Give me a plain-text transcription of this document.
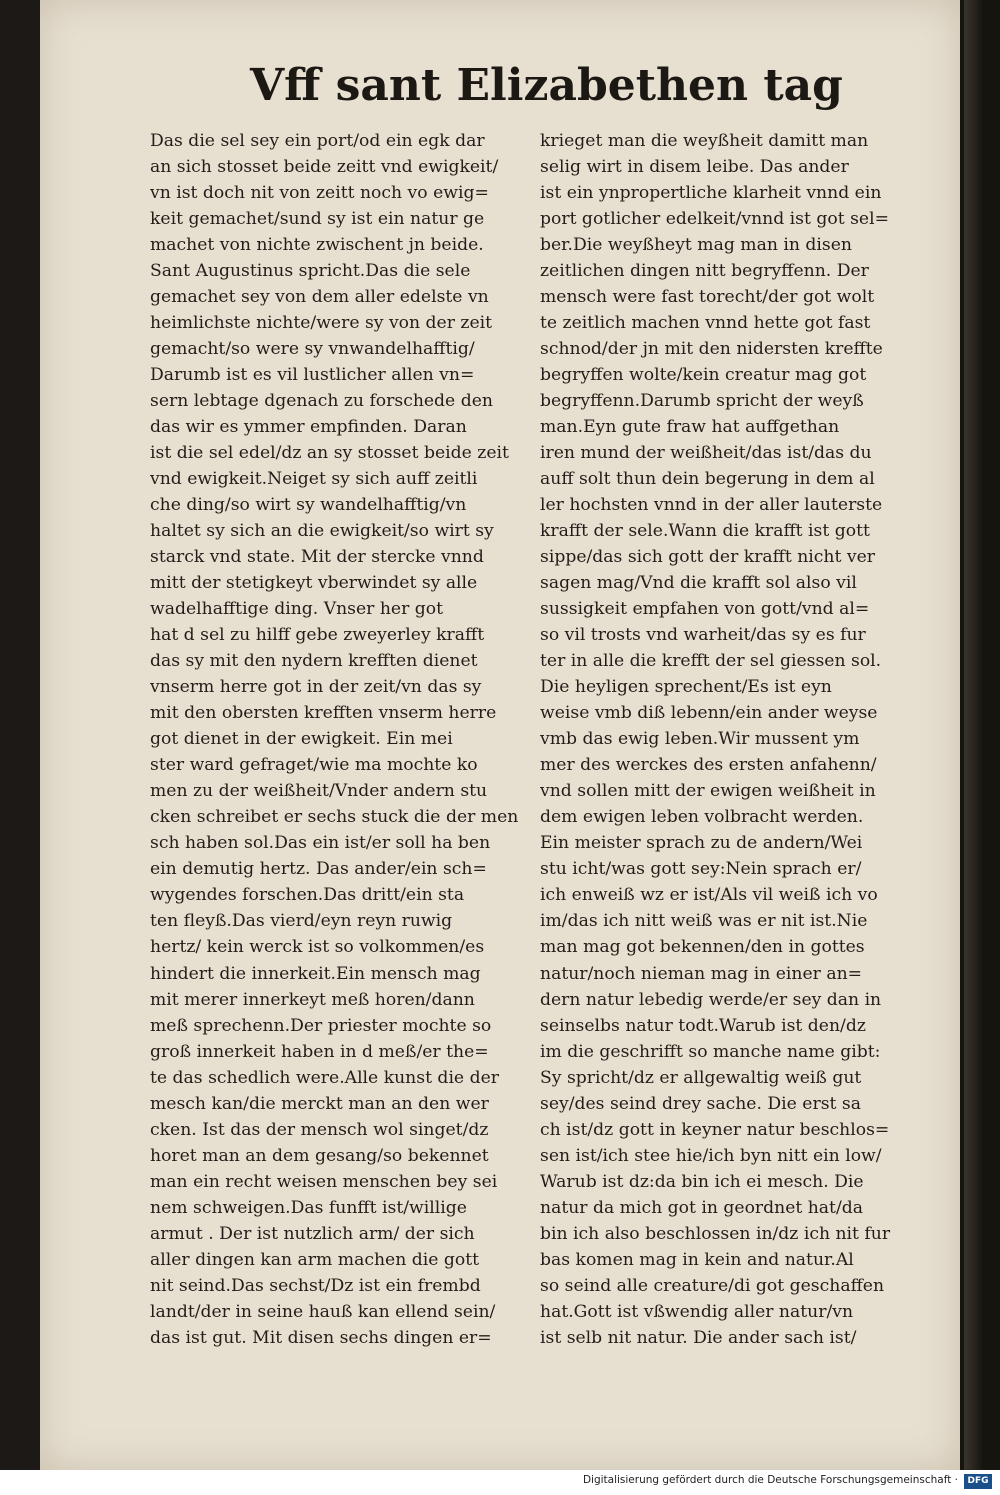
Vff sant Elizabethen tag
Das die sel sey ein port/od ein egk dar
an sich stosset beide zeitt vnd ewigkeit/
vn ist doch nit von zeitt noch vo ewig=
keit gemachet/sund sy ist ein natur ge
machet von nichte zwischent jn beide.
Sant Augustinus spricht.Das die sele
gemachet sey von dem aller edelste vn
heimlichste nichte/were sy von der zeit
gemacht/so were sy vnwandelhafftig/
Darumb ist es vil lustlicher allen vn=
sern lebtage dgenach zu forschede den
das wir es ymmer empfinden. Daran
ist die sel edel/dz an sy stosset beide zeit
vnd ewigkeit.Neiget sy sich auff zeitli
che ding/so wirt sy wandelhafftig/vn
haltet sy sich an die ewigkeit/so wirt sy
starck vnd state. Mit der stercke vnnd
mitt der stetigkeyt vberwindet sy alle
wadelhafftige ding. Vnser her got
hat d sel zu hilff gebe zweyerley krafft
das sy mit den nydern krefften dienet
vnserm herre got in der zeit/vn das sy
mit den obersten krefften vnserm herre
got dienet in der ewigkeit. Ein mei
ster ward gefraget/wie ma mochte ko
men zu der weißheit/Vnder andern stu
cken schreibet er sechs stuck die der men
sch haben sol.Das ein ist/er soll ha ben
ein demutig hertz. Das ander/ein sch=
wygendes forschen.Das dritt/ein sta
ten fleyß.Das vierd/eyn reyn ruwig
hertz/ kein werck ist so volkommen/es
hindert die innerkeit.Ein mensch mag
mit merer innerkeyt meß horen/dann
meß sprechenn.Der priester mochte so
groß innerkeit haben in d meß/er the=
te das schedlich were.Alle kunst die der
mesch kan/die merckt man an den wer
cken. Ist das der mensch wol singet/dz
horet man an dem gesang/so bekennet
man ein recht weisen menschen bey sei
nem schweigen.Das funfft ist/willige
armut . Der ist nutzlich arm/ der sich
aller dingen kan arm machen die gott
nit seind.Das sechst/Dz ist ein frembd
landt/der in seine hauß kan ellend sein/
das ist gut. Mit disen sechs dingen er=
krieget man die weyßheit damitt man
selig wirt in disem leibe. Das ander
ist ein ynpropertliche klarheit vnnd ein
port gotlicher edelkeit/vnnd ist got sel=
ber.Die weyßheyt mag man in disen
zeitlichen dingen nitt begryffenn. Der
mensch were fast torecht/der got wolt
te zeitlich machen vnnd hette got fast
schnod/der jn mit den nidersten kreffte
begryffen wolte/kein creatur mag got
begryffenn.Darumb spricht der weyß
man.Eyn gute fraw hat auffgethan
iren mund der weißheit/das ist/das du
auff solt thun dein begerung in dem al
ler hochsten vnnd in der aller lauterste
krafft der sele.Wann die krafft ist gott
sippe/das sich gott der krafft nicht ver
sagen mag/Vnd die krafft sol also vil
sussigkeit empfahen von gott/vnd al=
so vil trosts vnd warheit/das sy es fur
ter in alle die krefft der sel giessen sol.
Die heyligen sprechent/Es ist eyn
weise vmb diß lebenn/ein ander weyse
vmb das ewig leben.Wir mussent ym
mer des werckes des ersten anfahenn/
vnd sollen mitt der ewigen weißheit in
dem ewigen leben volbracht werden.
Ein meister sprach zu de andern/Wei
stu icht/was gott sey:Nein sprach er/
ich enweiß wz er ist/Als vil weiß ich vo
im/das ich nitt weiß was er nit ist.Nie
man mag got bekennen/den in gottes
natur/noch nieman mag in einer an=
dern natur lebedig werde/er sey dan in
seinselbs natur todt.Warub ist den/dz
im die geschrifft so manche name gibt:
Sy spricht/dz er allgewaltig weiß gut
sey/des seind drey sache. Die erst sa
ch ist/dz gott in keyner natur beschlos=
sen ist/ich stee hie/ich byn nitt ein low/
Warub ist dz:da bin ich ei mesch. Die
natur da mich got in geordnet hat/da
bin ich also beschlossen in/dz ich nit fur
bas komen mag in kein and natur.Al
so seind alle creature/di got geschaffen
hat.Gott ist vßwendig aller natur/vn
ist selb nit natur. Die ander sach ist/
Digitalisierung gefördert durch die Deutsche Forschungsgemeinschaft ·	DFG
